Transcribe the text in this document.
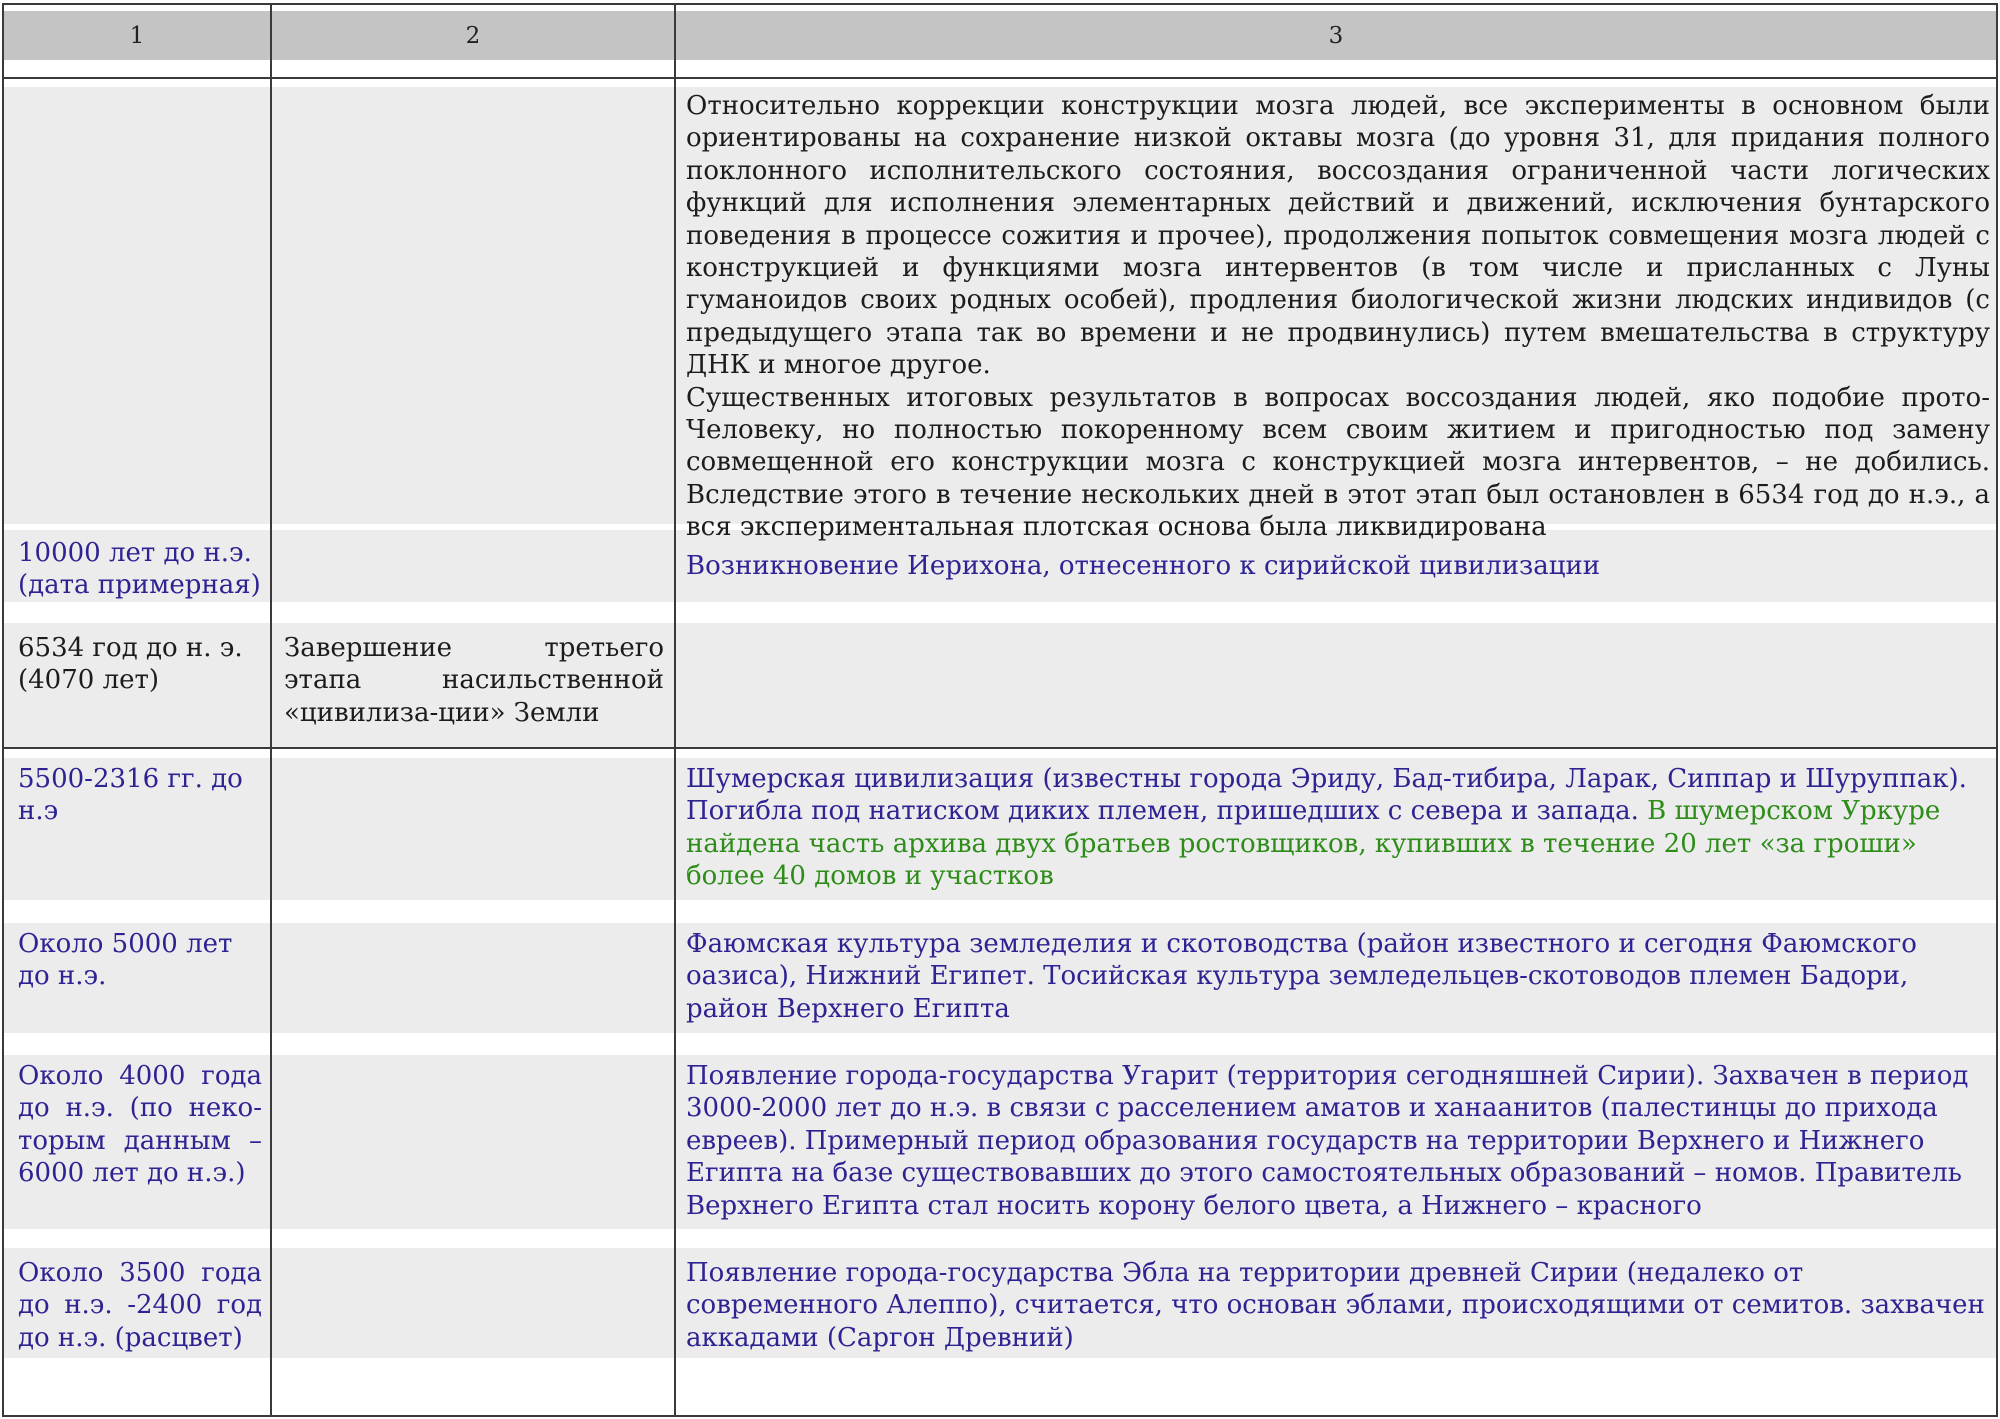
1	2	3

Относительно коррекции конструкции мозга людей, все эксперименты в основном были ориентированы на сохранение низкой октавы мозга (до уровня 31, для придания полного поклонного исполнительского состояния, воссоздания ограниченной части логических функций для исполнения элементарных действий и движений, исключения бунтарского поведения в процессе сожития и прочее), продолжения попыток совмещения мозга людей с конструкцией и функциями мозга интервентов (в том числе и присланных с Луны гуманоидов своих родных особей), продления биологической жизни людских индивидов (с предыдущего этапа так во времени и не продвинулись) путем вмешательства в структуру ДНК и многое другое.

Существенных итоговых результатов в вопросах воссоздания людей, яко подобие прото-Человеку, но полностью покоренному всем своим житием и пригодностью под замену совмещенной его конструкции мозга с конструкцией мозга интервентов, – не добились. Вследствие этого в течение нескольких дней в этот этап был остановлен в 6534 год до н.э., а вся экспериментальная плотская основа была ликвидирована

10000 лет до н.э. (дата примерная)
Возникновение Иерихона, отнесенного к сирийской цивилизации
6534 год до н. э. (4070 лет)
Завершение третьего этапа насильственной «цивилиза-ции» Земли
5500-2316 гг. до н.э
Шумерская цивилизация (известны города Эриду, Бад-тибира, Ларак, Сиппар и Шуруппак). Погибла под натиском диких племен, пришедших с севера и запада. В шумерском Уркуре найдена часть архива двух братьев ростовщиков, купивших в течение 20 лет «за гроши» более 40 домов и участков
Около 5000 лет до н.э.
Фаюмская культура земледелия и скотоводства (район известного и сегодня Фаюмского оазиса), Нижний Египет. Тосийская культура земледельцев-скотоводов племен Бадори, район Верхнего Египта
Около 4000 года до н.э. (по неко-торым данным – 6000 лет до н.э.)
Появление города-государства Угарит (территория сегодняшней Сирии). Захвачен в период 3000-2000 лет до н.э. в связи с расселением аматов и ханаанитов (палестинцы до прихода евреев). Примерный период образования государств на территории Верхнего и Нижнего Египта на базе существовавших до этого самостоятельных образований – номов. Правитель Верхнего Египта стал носить корону белого цвета, а Нижнего – красного
Около 3500 года до н.э. -2400 год до н.э. (расцвет)
Появление города-государства Эбла на территории древней Сирии (недалеко от современного Алеппо), считается, что основан эблами, происходящими от семитов. захвачен аккадами (Саргон Древний)
